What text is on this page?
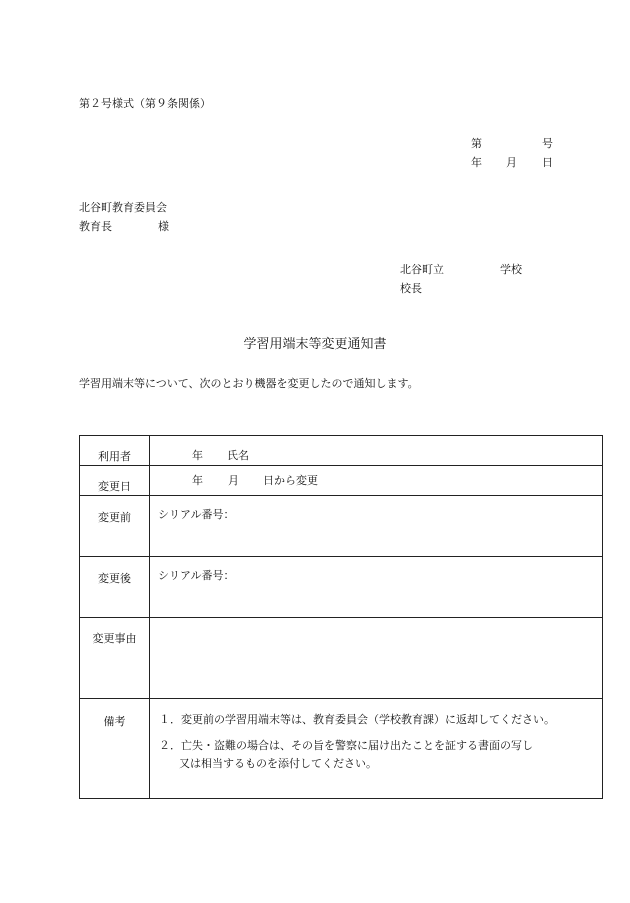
第２号様式（第９条関係）
第	号
年 月 日
北谷町教育委員会
教育長	様
北谷町立	学校
校長
学習用端末等変更通知書
学習用端末等について、次のとおり機器を変更したので通知します。
利用者	年 氏名

変更日	年 月 日から変更

変更前	シリアル番号：

変更後	シリアル番号：

変更事由	

備考	１．変更前の学習用端末等は、教育委員会（学校教育課）に返却してください。
２．亡失・盗難の場合は、その旨を警察に届け出たことを証する書面の写し
又は相当するものを添付してください。
